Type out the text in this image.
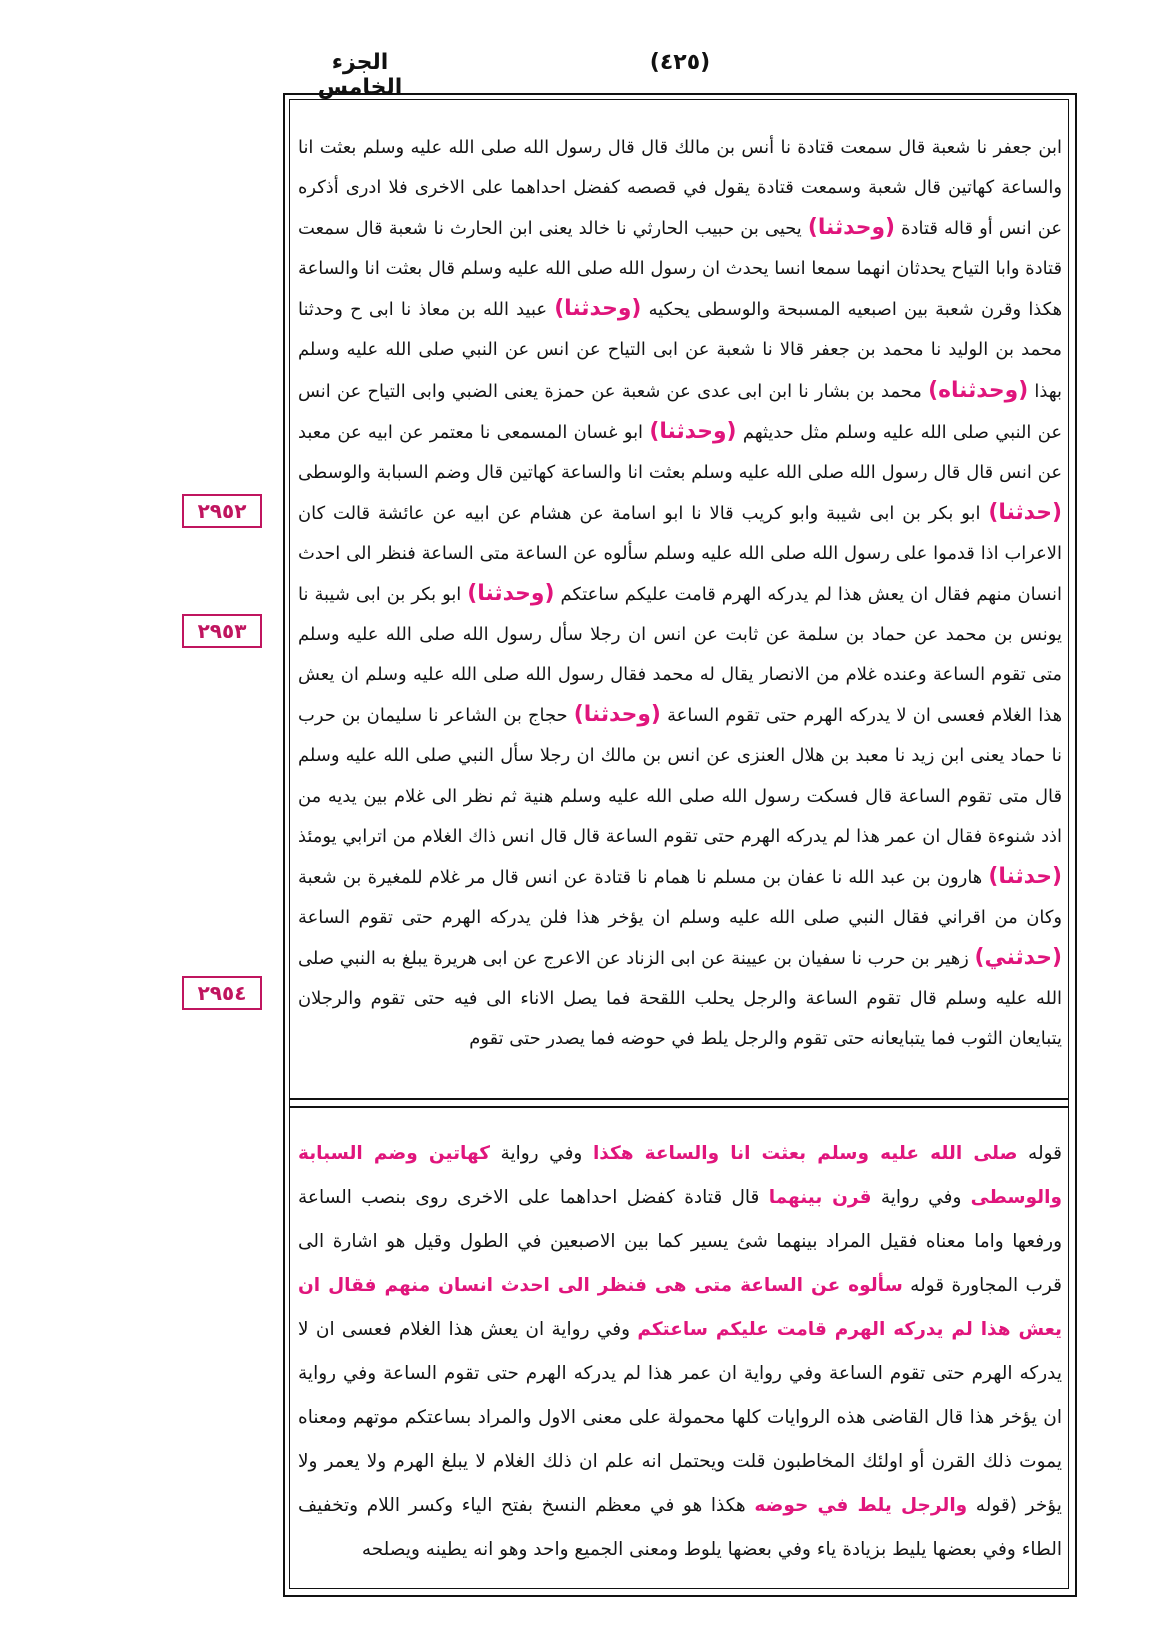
الجزء الخامس
(٤٢٥)
٢٩٥٢
٢٩٥٣
٢٩٥٤

ابن جعفر نا شعبة قال سمعت قتادة نا أنس بن مالك قال قال رسول الله صلى الله عليه وسلم بعثت انا والساعة كهاتين قال شعبة وسمعت قتادة يقول في قصصه كفضل احداهما على الاخرى فلا ادرى أذكره عن انس أو قاله قتادة (وحدثنا) يحيى بن حبيب الحارثي نا خالد يعنى ابن الحارث نا شعبة قال سمعت قتادة وابا التياح يحدثان انهما سمعا انسا يحدث ان رسول الله صلى الله عليه وسلم قال بعثت انا والساعة هكذا وقرن شعبة بين اصبعيه المسبحة والوسطى يحكيه (وحدثنا) عبيد الله بن معاذ نا ابى ح وحدثنا محمد بن الوليد نا محمد بن جعفر قالا نا شعبة عن ابى التياح عن انس عن النبي صلى الله عليه وسلم بهذا (وحدثناه) محمد بن بشار نا ابن ابى عدى عن شعبة عن حمزة يعنى الضبي وابى التياح عن انس عن النبي صلى الله عليه وسلم مثل حديثهم (وحدثنا) ابو غسان المسمعى نا معتمر عن ابيه عن معبد عن انس قال قال رسول الله صلى الله عليه وسلم بعثت انا والساعة كهاتين قال وضم السبابة والوسطى (حدثنا) ابو بكر بن ابى شيبة وابو كريب قالا نا ابو اسامة عن هشام عن ابيه عن عائشة قالت كان الاعراب اذا قدموا على رسول الله صلى الله عليه وسلم سألوه عن الساعة متى الساعة فنظر الى احدث انسان منهم فقال ان يعش هذا لم يدركه الهرم قامت عليكم ساعتكم (وحدثنا) ابو بكر بن ابى شيبة نا يونس بن محمد عن حماد بن سلمة عن ثابت عن انس ان رجلا سأل رسول الله صلى الله عليه وسلم متى تقوم الساعة وعنده غلام من الانصار يقال له محمد فقال رسول الله صلى الله عليه وسلم ان يعش هذا الغلام فعسى ان لا يدركه الهرم حتى تقوم الساعة (وحدثنا) حجاج بن الشاعر نا سليمان بن حرب نا حماد يعنى ابن زيد نا معبد بن هلال العنزى عن انس بن مالك ان رجلا سأل النبي صلى الله عليه وسلم قال متى تقوم الساعة قال فسكت رسول الله صلى الله عليه وسلم هنية ثم نظر الى غلام بين يديه من اذد شنوءة فقال ان عمر هذا لم يدركه الهرم حتى تقوم الساعة قال قال انس ذاك الغلام من اترابي يومئذ (حدثنا) هارون بن عبد الله نا عفان بن مسلم نا همام نا قتادة عن انس قال مر غلام للمغيرة بن شعبة وكان من اقراني فقال النبي صلى الله عليه وسلم ان يؤخر هذا فلن يدركه الهرم حتى تقوم الساعة (حدثني) زهير بن حرب نا سفيان بن عيينة عن ابى الزناد عن الاعرج عن ابى هريرة يبلغ به النبي صلى الله عليه وسلم قال تقوم الساعة والرجل يحلب اللقحة فما يصل الاناء الى فيه حتى تقوم والرجلان يتبايعان الثوب فما يتبايعانه حتى تقوم والرجل يلط في حوضه فما يصدر حتى تقوم

قوله صلى الله عليه وسلم بعثت انا والساعة هكذا وفي رواية كهاتين وضم السبابة والوسطى وفي رواية قرن بينهما قال قتادة كفضل احداهما على الاخرى روى بنصب الساعة ورفعها واما معناه فقيل المراد بينهما شئ يسير كما بين الاصبعين في الطول وقيل هو اشارة الى قرب المجاورة قوله سألوه عن الساعة متى هى فنظر الى احدث انسان منهم فقال ان يعش هذا لم يدركه الهرم قامت عليكم ساعتكم وفي رواية ان يعش هذا الغلام فعسى ان لا يدركه الهرم حتى تقوم الساعة وفي رواية ان عمر هذا لم يدركه الهرم حتى تقوم الساعة وفي رواية ان يؤخر هذا قال القاضى هذه الروايات كلها محمولة على معنى الاول والمراد بساعتكم موتهم ومعناه يموت ذلك القرن أو اولئك المخاطبون قلت ويحتمل انه علم ان ذلك الغلام لا يبلغ الهرم ولا يعمر ولا يؤخر (قوله والرجل يلط في حوضه هكذا هو في معظم النسخ بفتح الياء وكسر اللام وتخفيف الطاء وفي بعضها يليط بزيادة ياء وفي بعضها يلوط ومعنى الجميع واحد وهو انه يطينه ويصلحه
